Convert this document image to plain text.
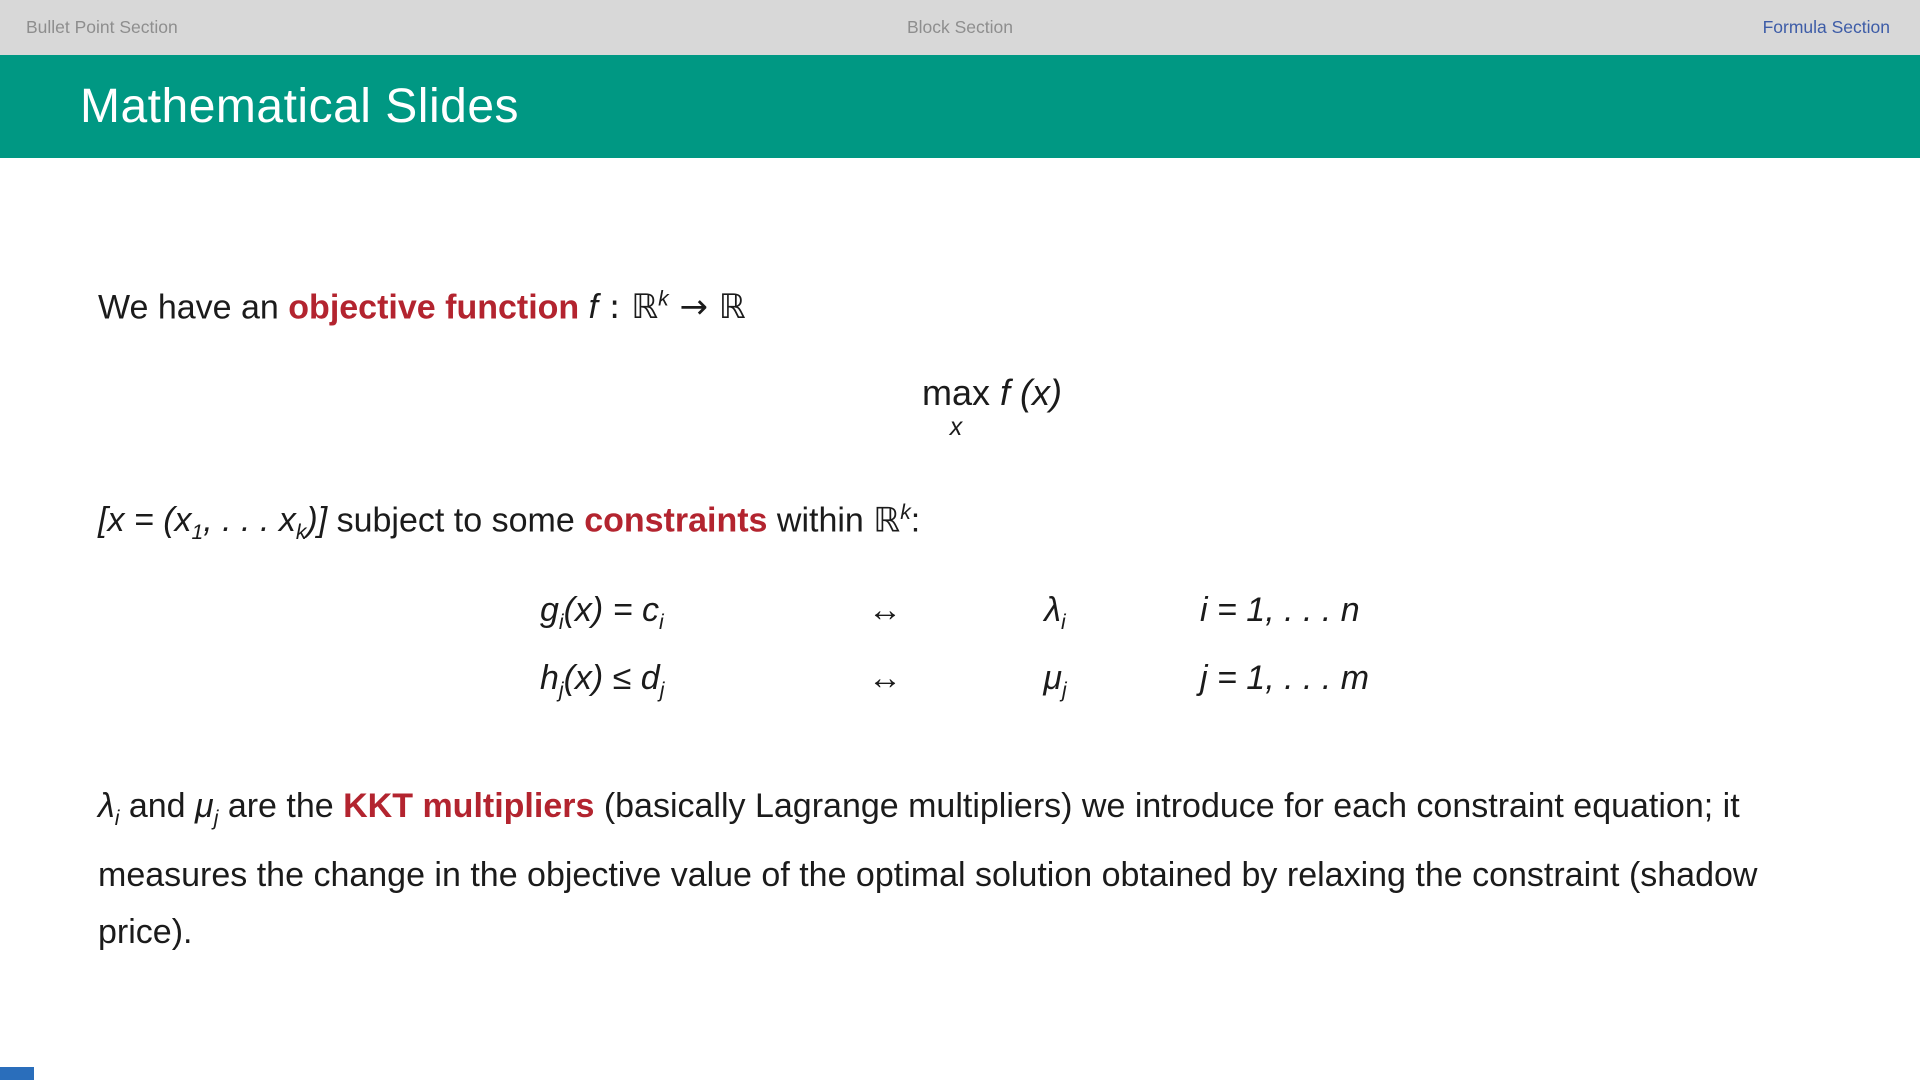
Bullet Point Section	Block Section	Formula Section
Mathematical Slides
We have an objective function f : ℝ$^k$ → ℝ
max
x
f (x)
[$x = (x_1$, . . . $x_k$)] subject to some constraints within ℝ$^k$:
$g_i(x) = c_i$	↔	$\lambda_i$	i = 1, . . . n
$h_j(x) \le d_j$	↔	$\mu_j$	j = 1, . . . m
$\lambda_i$ and $\mu_j$ are the KKT multipliers (basically Lagrange multipliers) we introduce for each constraint equation; it measures the change in the objective value of the optimal solution obtained by relaxing the constraint (shadow price).
